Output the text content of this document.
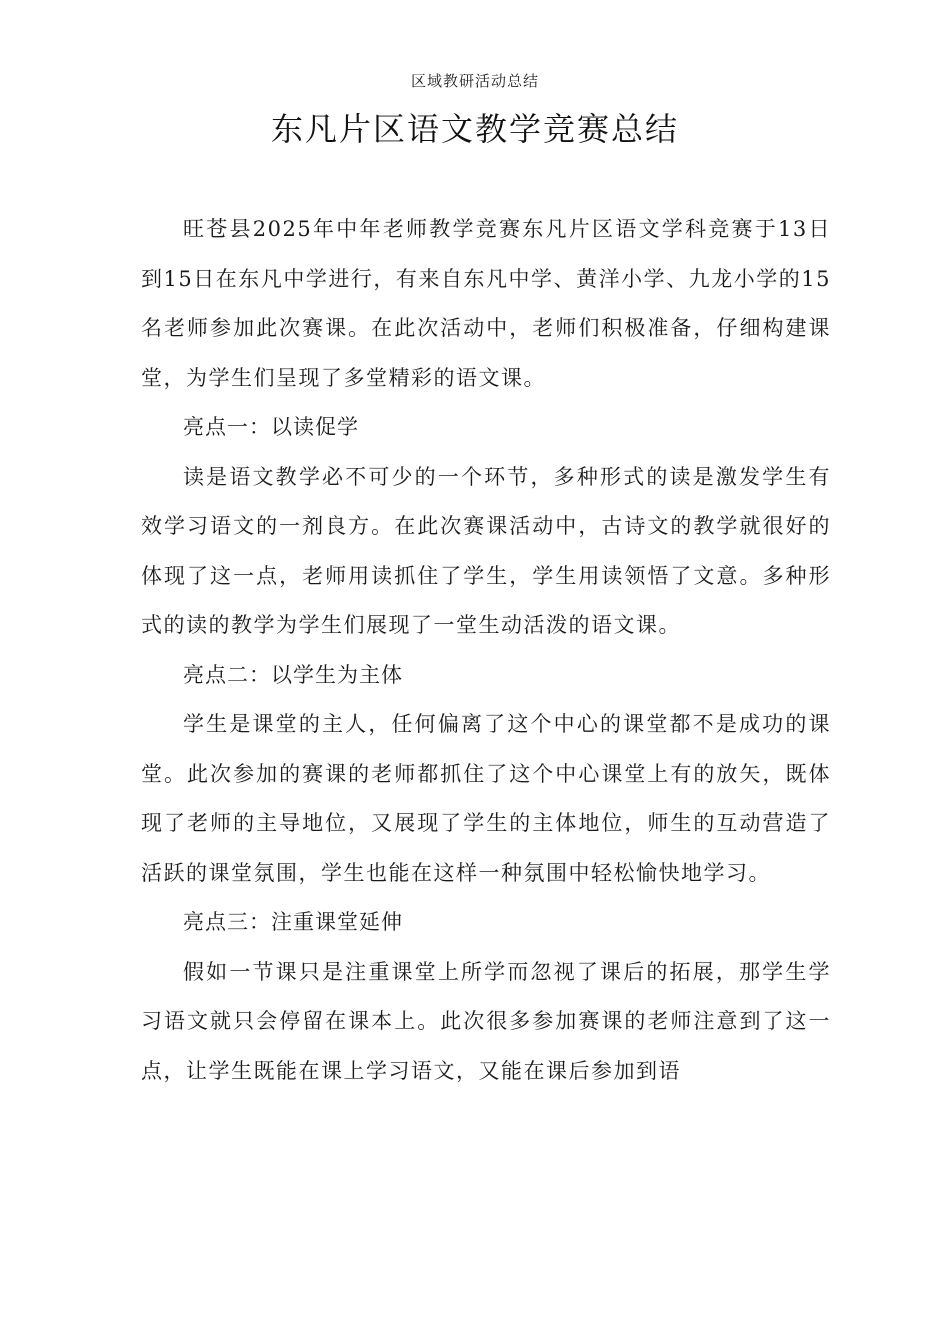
区域教研活动总结
东凡片区语文教学竞赛总结

旺苍县2025年中年老师教学竞赛东凡片区语文学科竞赛于13日到15日在东凡中学进行，有来自东凡中学、黄洋小学、九龙小学的15名老师参加此次赛课。在此次活动中，老师们积极准备，仔细构建课堂，为学生们呈现了多堂精彩的语文课。

亮点一：以读促学

读是语文教学必不可少的一个环节，多种形式的读是激发学生有效学习语文的一剂良方。在此次赛课活动中，古诗文的教学就很好的体现了这一点，老师用读抓住了学生，学生用读领悟了文意。多种形式的读的教学为学生们展现了一堂生动活泼的语文课。

亮点二：以学生为主体

学生是课堂的主人，任何偏离了这个中心的课堂都不是成功的课堂。此次参加的赛课的老师都抓住了这个中心课堂上有的放矢，既体现了老师的主导地位，又展现了学生的主体地位，师生的互动营造了活跃的课堂氛围，学生也能在这样一种氛围中轻松愉快地学习。

亮点三：注重课堂延伸

假如一节课只是注重课堂上所学而忽视了课后的拓展，那学生学习语文就只会停留在课本上。此次很多参加赛课的老师注意到了这一点，让学生既能在课上学习语文，又能在课后参加到语
